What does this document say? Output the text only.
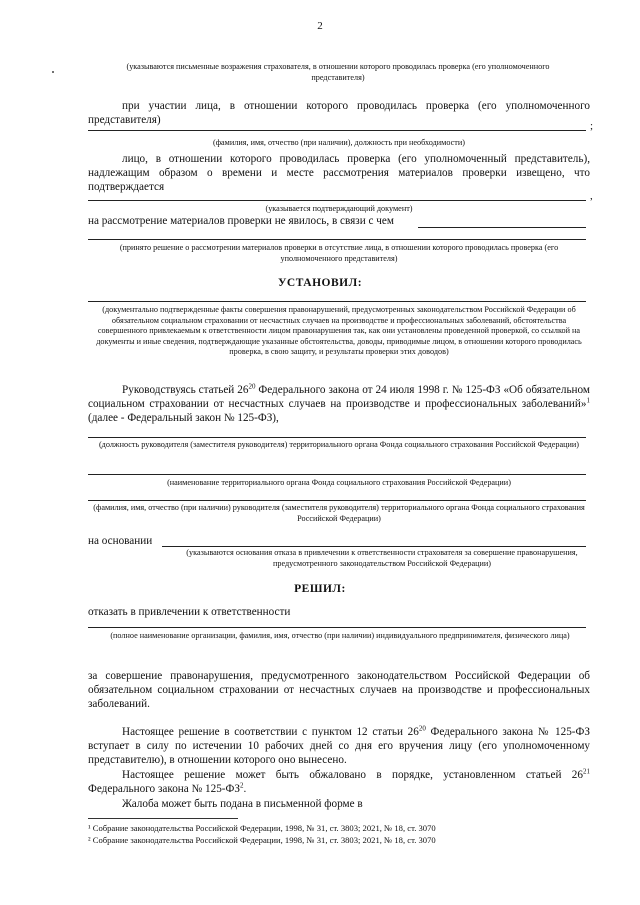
2
(указываются письменные возражения страхователя, в отношении которого проводилась проверка (его уполномоченного представителя)
при участии лица, в отношении которого проводилась проверка (его уполномоченного представителя)	;
(фамилия, имя, отчество (при наличии), должность при необходимости)
лицо, в отношении которого проводилась проверка (его уполномоченный представитель), надлежащим образом о времени и месте рассмотрения материалов проверки извещено, что подтверждается
,
(указывается подтверждающий документ)
на рассмотрение материалов проверки не явилось, в связи с чем
(принято решение о рассмотрении материалов проверки в отсутствие лица, в отношении которого проводилась проверка (его уполномоченного представителя)
УСТАНОВИЛ:
(документально подтвержденные факты совершения правонарушений, предусмотренных законодательством Российской Федерации об обязательном социальном страховании от несчастных случаев на производстве и профессиональных заболеваний, обстоятельства совершенного привлекаемым к ответственности лицом правонарушения так, как они установлены проведенной проверкой, со ссылкой на документы и иные сведения, подтверждающие указанные обстоятельства, доводы, приводимые лицом, в отношении которого проводилась проверка, в свою защиту, и результаты проверки этих доводов)
Руководствуясь статьей $26^{20}$ Федерального закона от 24 июля 1998 г. № 125-ФЗ «Об обязательном социальном страховании от несчастных случаев на производстве и профессиональных заболеваний»$^1$ (далее - Федеральный закон № 125-ФЗ),
(должность руководителя (заместителя руководителя) территориального органа Фонда социального страхования Российской Федерации)
(наименование территориального органа Фонда социального страхования Российской Федерации)
(фамилия, имя, отчество (при наличии) руководителя (заместителя руководителя) территориального органа Фонда социального страхования Российской Федерации)
на основании
(указываются основания отказа в привлечении к ответственности страхователя за совершение правонарушения, предусмотренного законодательством Российской Федерации)
РЕШИЛ:
отказать в привлечении к ответственности
(полное наименование организации, фамилия, имя, отчество (при наличии) индивидуального предпринимателя, физического лица)
за совершение правонарушения, предусмотренного законодательством Российской Федерации об обязательном социальном страховании от несчастных случаев на производстве и профессиональных заболеваний.
Настоящее решение в соответствии с пунктом 12 статьи $26^{20}$ Федерального закона № 125-ФЗ вступает в силу по истечении 10 рабочих дней со дня его вручения лицу (его уполномоченному представителю), в отношении которого оно вынесено.
Настоящее решение может быть обжаловано в порядке, установленном статьей $26^{21}$ Федерального закона № $125-ФЗ^2$.
Жалоба может быть подана в письменной форме в
¹ Собрание законодательства Российской Федерации, 1998, № 31, ст. 3803; 2021, № 18, ст. 3070
² Собрание законодательства Российской Федерации, 1998, № 31, ст. 3803; 2021, № 18, ст. 3070
